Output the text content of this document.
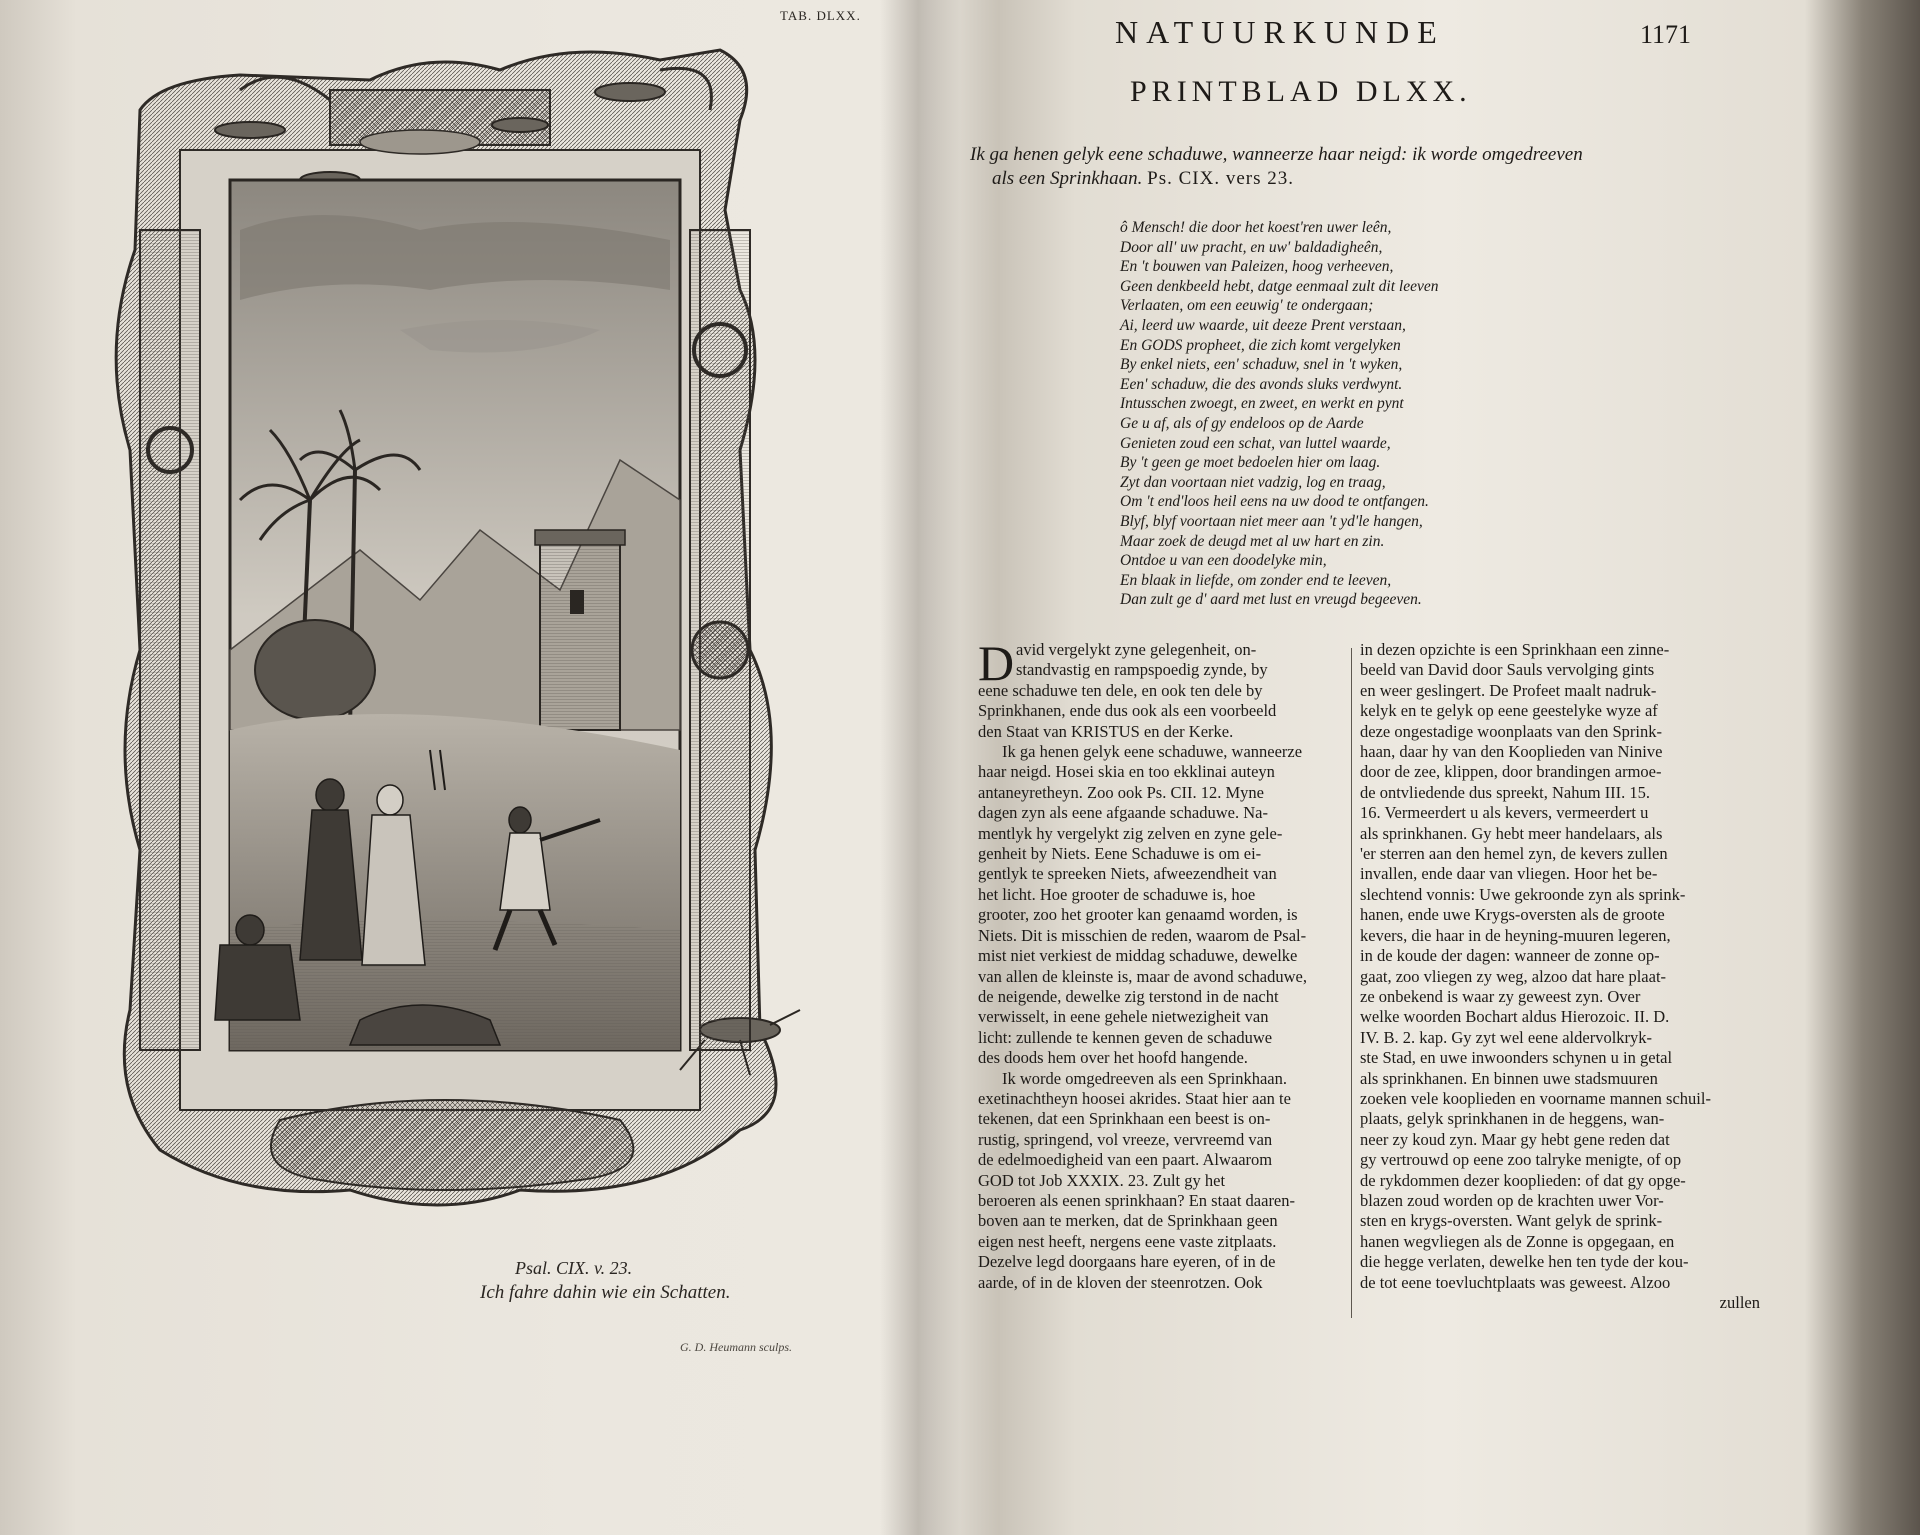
TAB. DLXX.
Psal. CIX. v. 23.
Ich fahre dahin wie ein Schatten.
G. D. Heumann sculps.
NATUURKUNDE	1171
PRINTBLAD DLXX.
Ik ga henen gelyk eene schaduwe, wanneerze haar neigd: ik worde omgedreeven
als een Sprinkhaan. Ps. CIX. vers 23.
ô Mensch! die door het koest'ren uwer leên,
Door all' uw pracht, en uw' baldadigheên,
En 't bouwen van Paleizen, hoog verheeven,
Geen denkbeeld hebt, datge eenmaal zult dit leeven
Verlaaten, om een eeuwig' te ondergaan;
Ai, leerd uw waarde, uit deeze Prent verstaan,
En GODS propheet, die zich komt vergelyken
By enkel niets, een' schaduw, snel in 't wyken,
Een' schaduw, die des avonds sluks verdwynt.
Intusschen zwoegt, en zweet, en werkt en pynt
Ge u af, als of gy endeloos op de Aarde
Genieten zoud een schat, van luttel waarde,
By 't geen ge moet bedoelen hier om laag.
Zyt dan voortaan niet vadzig, log en traag,
Om 't end'loos heil eens na uw dood te ontfangen.
Blyf, blyf voortaan niet meer aan 't yd'le hangen,
Maar zoek de deugd met al uw hart en zin.
Ontdoe u van een doodelyke min,
En blaak in liefde, om zonder end te leeven,
Dan zult ge d' aard met lust en vreugd begeeven.
D avid vergelykt zyne gelegenheit, on-
standvastig en rampspoedig zynde, by
eene schaduwe ten dele, en ook ten dele by
Sprinkhanen, ende dus ook als een voorbeeld
den Staat van KRISTUS en der Kerke.
Ik ga henen gelyk eene schaduwe, wanneerze
haar neigd. Hosei skia en too ekklinai auteyn
antaneyretheyn. Zoo ook Ps. CII. 12. Myne
dagen zyn als eene afgaande schaduwe. Na-
mentlyk hy vergelykt zig zelven en zyne gele-
genheit by Niets. Eene Schaduwe is om ei-
gentlyk te spreeken Niets, afweezendheit van
het licht. Hoe grooter de schaduwe is, hoe
grooter, zoo het grooter kan genaamd worden, is
Niets. Dit is misschien de reden, waarom de Psal-
mist niet verkiest de middag schaduwe, dewelke
van allen de kleinste is, maar de avond schaduwe,
de neigende, dewelke zig terstond in de nacht
verwisselt, in eene gehele nietwezigheit van
licht: zullende te kennen geven de schaduwe
des doods hem over het hoofd hangende.
Ik worde omgedreeven als een Sprinkhaan.
exetinachtheyn hoosei akrides. Staat hier aan te
tekenen, dat een Sprinkhaan een beest is on-
rustig, springend, vol vreeze, vervreemd van
de edelmoedigheid van een paart. Alwaarom
GOD tot Job XXXIX. 23. Zult gy het
beroeren als eenen sprinkhaan? En staat daaren-
boven aan te merken, dat de Sprinkhaan geen
eigen nest heeft, nergens eene vaste zitplaats.
Dezelve legd doorgaans hare eyeren, of in de
aarde, of in de kloven der steenrotzen. Ook
in dezen opzichte is een Sprinkhaan een zinne-
beeld van David door Sauls vervolging gints
en weer geslingert. De Profeet maalt nadruk-
kelyk en te gelyk op eene geestelyke wyze af
deze ongestadige woonplaats van den Sprink-
haan, daar hy van den Kooplieden van Ninive
door de zee, klippen, door brandingen armoe-
de ontvliedende dus spreekt, Nahum III. 15.
16. Vermeerdert u als kevers, vermeerdert u
als sprinkhanen. Gy hebt meer handelaars, als
'er sterren aan den hemel zyn, de kevers zullen
invallen, ende daar van vliegen. Hoor het be-
slechtend vonnis: Uwe gekroonde zyn als sprink-
hanen, ende uwe Krygs-oversten als de groote
kevers, die haar in de heyning-muuren legeren,
in de koude der dagen: wanneer de zonne op-
gaat, zoo vliegen zy weg, alzoo dat hare plaat-
ze onbekend is waar zy geweest zyn. Over
welke woorden Bochart aldus Hierozoic. II. D.
IV. B. 2. kap. Gy zyt wel eene aldervolkryk-
ste Stad, en uwe inwoonders schynen u in getal
als sprinkhanen. En binnen uwe stadsmuuren
zoeken vele kooplieden en voorname mannen schuil-
plaats, gelyk sprinkhanen in de heggens, wan-
neer zy koud zyn. Maar gy hebt gene reden dat
gy vertrouwd op eene zoo talryke menigte, of op
de rykdommen dezer kooplieden: of dat gy opge-
blazen zoud worden op de krachten uwer Vor-
sten en krygs-oversten. Want gelyk de sprink-
hanen wegvliegen als de Zonne is opgegaan, en
die hegge verlaten, dewelke hen ten tyde der kou-
de tot eene toevluchtplaats was geweest. Alzoo
zullen
